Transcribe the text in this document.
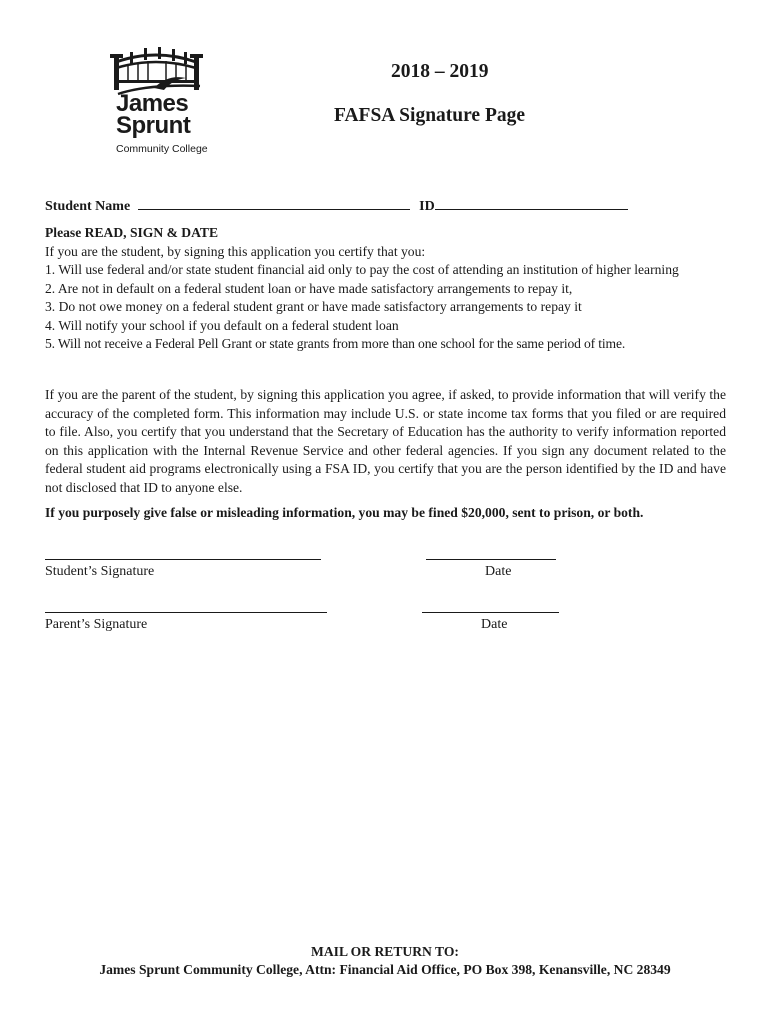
James
Sprunt
Community College
2018 – 2019
FAFSA Signature Page
Student Name	ID

Please READ, SIGN & DATE

If you are the student, by signing this application you certify that you:

1. Will use federal and/or state student financial aid only to pay the cost of attending an institution of higher learning

2. Are not in default on a federal student loan or have made satisfactory arrangements to repay it,

3. Do not owe money on a federal student grant or have made satisfactory arrangements to repay it

4. Will notify your school if you default on a federal student loan

5. Will not receive a Federal Pell Grant or state grants from more than one school for the same period of time.

If you are the parent of the student, by signing this application you agree, if asked, to provide information that will verify the accuracy of the completed form. This information may include U.S. or state income tax forms that you filed or are required to file. Also, you certify that you understand that the Secretary of Education has the authority to verify information reported on this application with the Internal Revenue Service and other federal agencies. If you sign any document related to the federal student aid programs electronically using a FSA ID, you certify that you are the person identified by the ID and have not disclosed that ID to anyone else.
If you purposely give false or misleading information, you may be fined $20,000, sent to prison, or both.
Student’s Signature	Date
Parent’s Signature	Date
MAIL OR RETURN TO:
James Sprunt Community College, Attn: Financial Aid Office, PO Box 398, Kenansville, NC 28349
